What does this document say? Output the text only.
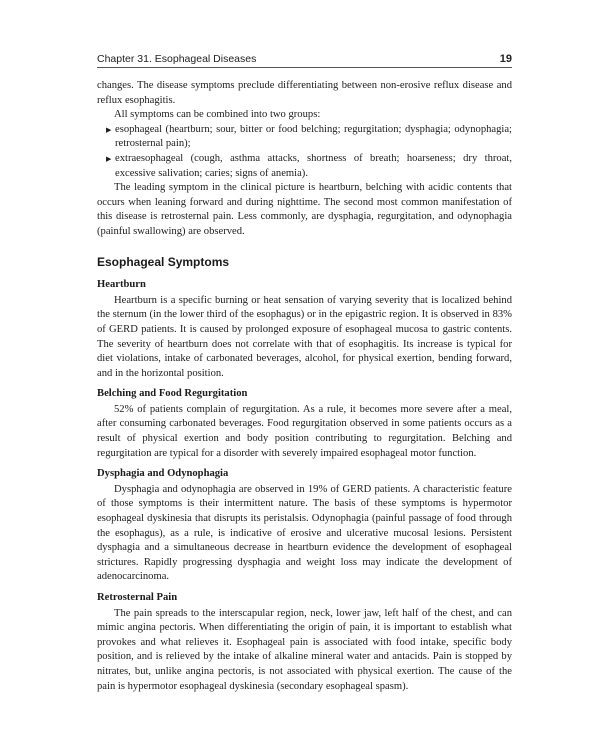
Chapter 31. Esophageal Diseases	19

changes. The disease symptoms preclude differentiating between non-erosive reflux disease and reflux esophagitis.

All symptoms can be combined into two groups:

▶ esophageal (heartburn; sour, bitter or food belching; regurgitation; dysphagia; odynophagia; retrosternal pain);
▶ extraesophageal (cough, asthma attacks, shortness of breath; hoarseness; dry throat, excessive salivation; caries; signs of anemia).

The leading symptom in the clinical picture is heartburn, belching with acidic contents that occurs when leaning forward and during nighttime. The second most common manifestation of this disease is retrosternal pain. Less commonly, are dysphagia, regurgitation, and odynophagia (painful swallowing) are observed.

Esophageal Symptoms
Heartburn

Heartburn is a specific burning or heat sensation of varying severity that is localized behind the sternum (in the lower third of the esophagus) or in the epigastric region. It is observed in 83% of GERD patients. It is caused by prolonged exposure of esophageal mucosa to gastric contents. The severity of heartburn does not correlate with that of esophagitis. Its increase is typical for diet violations, intake of carbonated beverages, alcohol, for physical exertion, bending forward, and in the horizontal position.

Belching and Food Regurgitation

52% of patients complain of regurgitation. As a rule, it becomes more severe after a meal, after consuming carbonated beverages. Food regurgitation observed in some patients occurs as a result of physical exertion and body position contributing to regurgitation. Belching and regurgitation are typical for a disorder with severely impaired esophageal motor function.

Dysphagia and Odynophagia

Dysphagia and odynophagia are observed in 19% of GERD patients. A characteristic feature of those symptoms is their intermittent nature. The basis of these symptoms is hypermotor esophageal dyskinesia that disrupts its peristalsis. Odynophagia (painful passage of food through the esophagus), as a rule, is indicative of erosive and ulcerative mucosal lesions. Persistent dysphagia and a simultaneous decrease in heartburn evidence the development of esophageal strictures. Rapidly progressing dysphagia and weight loss may indicate the development of adenocarcinoma.

Retrosternal Pain

The pain spreads to the interscapular region, neck, lower jaw, left half of the chest, and can mimic angina pectoris. When differentiating the origin of pain, it is important to establish what provokes and what relieves it. Esophageal pain is associated with food intake, specific body position, and is relieved by the intake of alkaline mineral water and antacids. Pain is stopped by nitrates, but, unlike angina pectoris, is not associated with physical exertion. The cause of the pain is hypermotor esophageal dyskinesia (secondary esophageal spasm).
